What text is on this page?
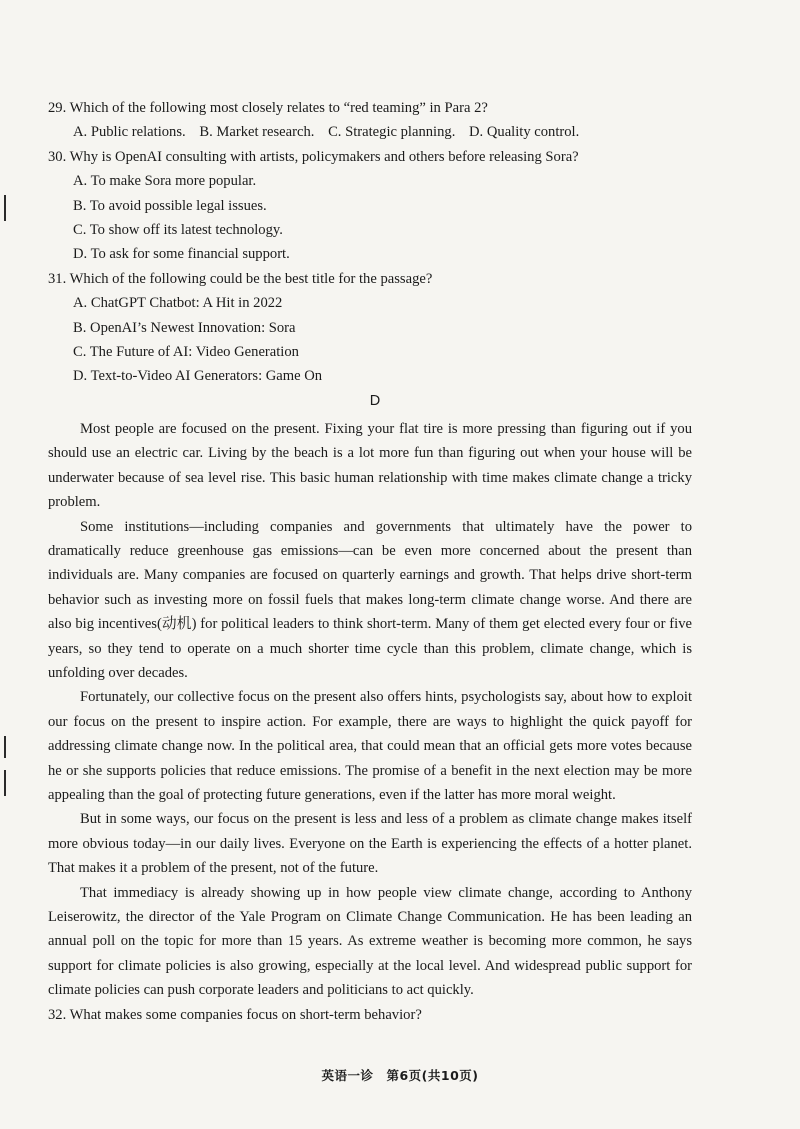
29. Which of the following most closely relates to “red teaming” in Para 2?

A. Public relations. B. Market research. C. Strategic planning. D. Quality control.

30. Why is OpenAI consulting with artists, policymakers and others before releasing Sora?

A. To make Sora more popular.
B. To avoid possible legal issues.
C. To show off its latest technology.
D. To ask for some financial support.

31. Which of the following could be the best title for the passage?

A. ChatGPT Chatbot: A Hit in 2022
B. OpenAI’s Newest Innovation: Sora
C. The Future of AI: Video Generation
D. Text-to-Video AI Generators: Game On
D

Most people are focused on the present. Fixing your flat tire is more pressing than figuring out if you should use an electric car. Living by the beach is a lot more fun than figuring out when your house will be underwater because of sea level rise. This basic human relationship with time makes climate change a tricky problem.

Some institutions—including companies and governments that ultimately have the power to dramatically reduce greenhouse gas emissions—can be even more concerned about the present than individuals are. Many companies are focused on quarterly earnings and growth. That helps drive short-term behavior such as investing more on fossil fuels that makes long-term climate change worse. And there are also big incentives(动机) for political leaders to think short-term. Many of them get elected every four or five years, so they tend to operate on a much shorter time cycle than this problem, climate change, which is unfolding over decades.

Fortunately, our collective focus on the present also offers hints, psychologists say, about how to exploit our focus on the present to inspire action. For example, there are ways to highlight the quick payoff for addressing climate change now. In the political area, that could mean that an official gets more votes because he or she supports policies that reduce emissions. The promise of a benefit in the next election may be more appealing than the goal of protecting future generations, even if the latter has more moral weight.

But in some ways, our focus on the present is less and less of a problem as climate change makes itself more obvious today—in our daily lives. Everyone on the Earth is experiencing the effects of a hotter planet. That makes it a problem of the present, not of the future.

That immediacy is already showing up in how people view climate change, according to Anthony Leiserowitz, the director of the Yale Program on Climate Change Communication. He has been leading an annual poll on the topic for more than 15 years. As extreme weather is becoming more common, he says support for climate policies is also growing, especially at the local level. And widespread public support for climate policies can push corporate leaders and politicians to act quickly.

32. What makes some companies focus on short-term behavior?

英语一诊　第6页(共10页)
